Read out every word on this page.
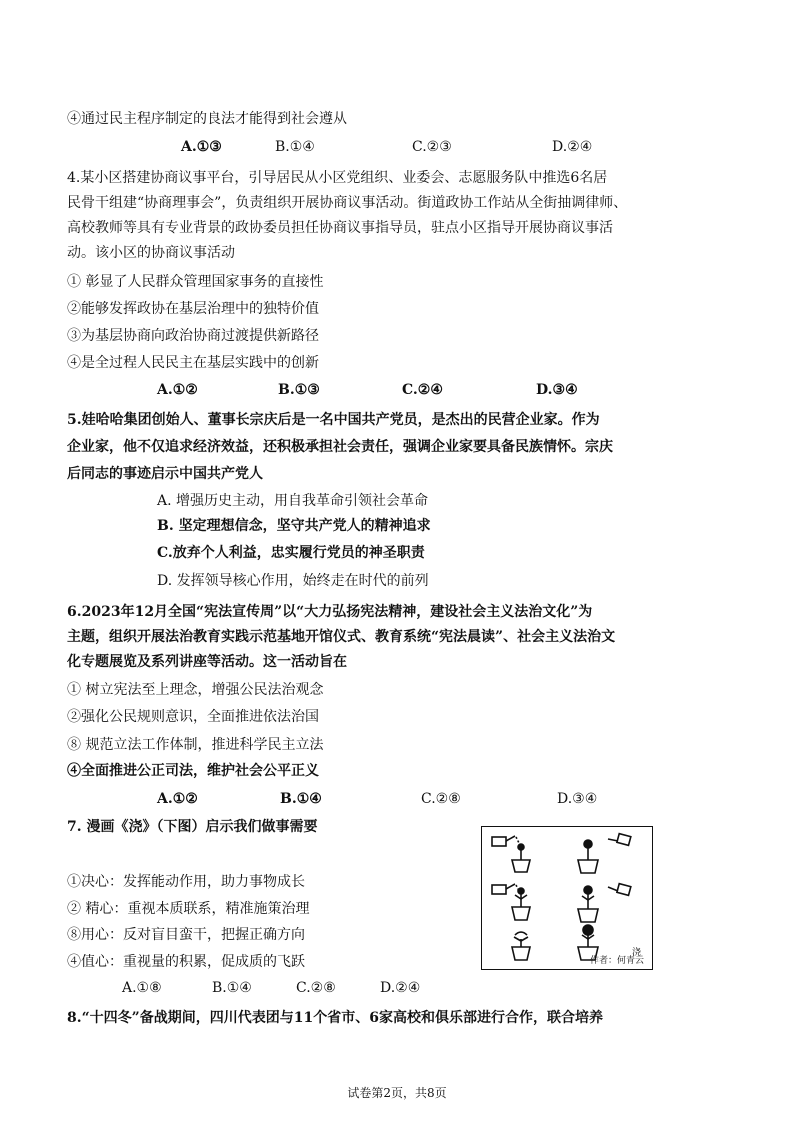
④通过民主程序制定的良法才能得到社会遵从
A.①③	B.①④	C.②③	D.②④
4.某小区搭建协商议事平台，引导居民从小区党组织、业委会、志愿服务队中推选6名居
民骨干组建“协商理事会”，负责组织开展协商议事活动。街道政协工作站从全街抽调律师、
高校教师等具有专业背景的政协委员担任协商议事指导员，驻点小区指导开展协商议事活
动。该小区的协商议事活动
① 彰显了人民群众管理国家事务的直接性
②能够发挥政协在基层治理中的独特价值
③为基层协商向政治协商过渡提供新路径
④是全过程人民民主在基层实践中的创新
A.①②	B.①③	C.②④	D.③④
5.娃哈哈集团创始人、董事长宗庆后是一名中国共产党员，是杰出的民营企业家。作为
企业家，他不仅追求经济效益，还积极承担社会责任，强调企业家要具备民族情怀。宗庆
后同志的事迹启示中国共产党人
A. 增强历史主动，用自我革命引领社会革命
B. 坚定理想信念，坚守共产党人的精神追求
C.放弃个人利益，忠实履行党员的神圣职责
D. 发挥领导核心作用，始终走在时代的前列
6.2023年12月全国“宪法宣传周”以“大力弘扬宪法精神，建设社会主义法治文化”为
主题，组织开展法治教育实践示范基地开馆仪式、教育系统“宪法晨读”、社会主义法治文
化专题展览及系列讲座等活动。这一活动旨在
① 树立宪法至上理念，增强公民法治观念
②强化公民规则意识，全面推进依法治国
⑧ 规范立法工作体制，推进科学民主立法
④全面推进公正司法，维护社会公平正义
A.①②	B.①④	C.②⑧	D.③④
7. 漫画《浇》（下图）启示我们做事需要
①决心：发挥能动作用，助力事物成长
② 精心：重视本质联系，精准施策治理
⑧用心：反对盲目蛮干，把握正确方向
④值心：重视量的积累，促成质的飞跃
A.①⑧	B.①④	C.②⑧	D.②④
浇
作者：何青云
8.“十四冬”备战期间，四川代表团与11个省市、6家高校和俱乐部进行合作，联合培养
试卷第2页，共8页
